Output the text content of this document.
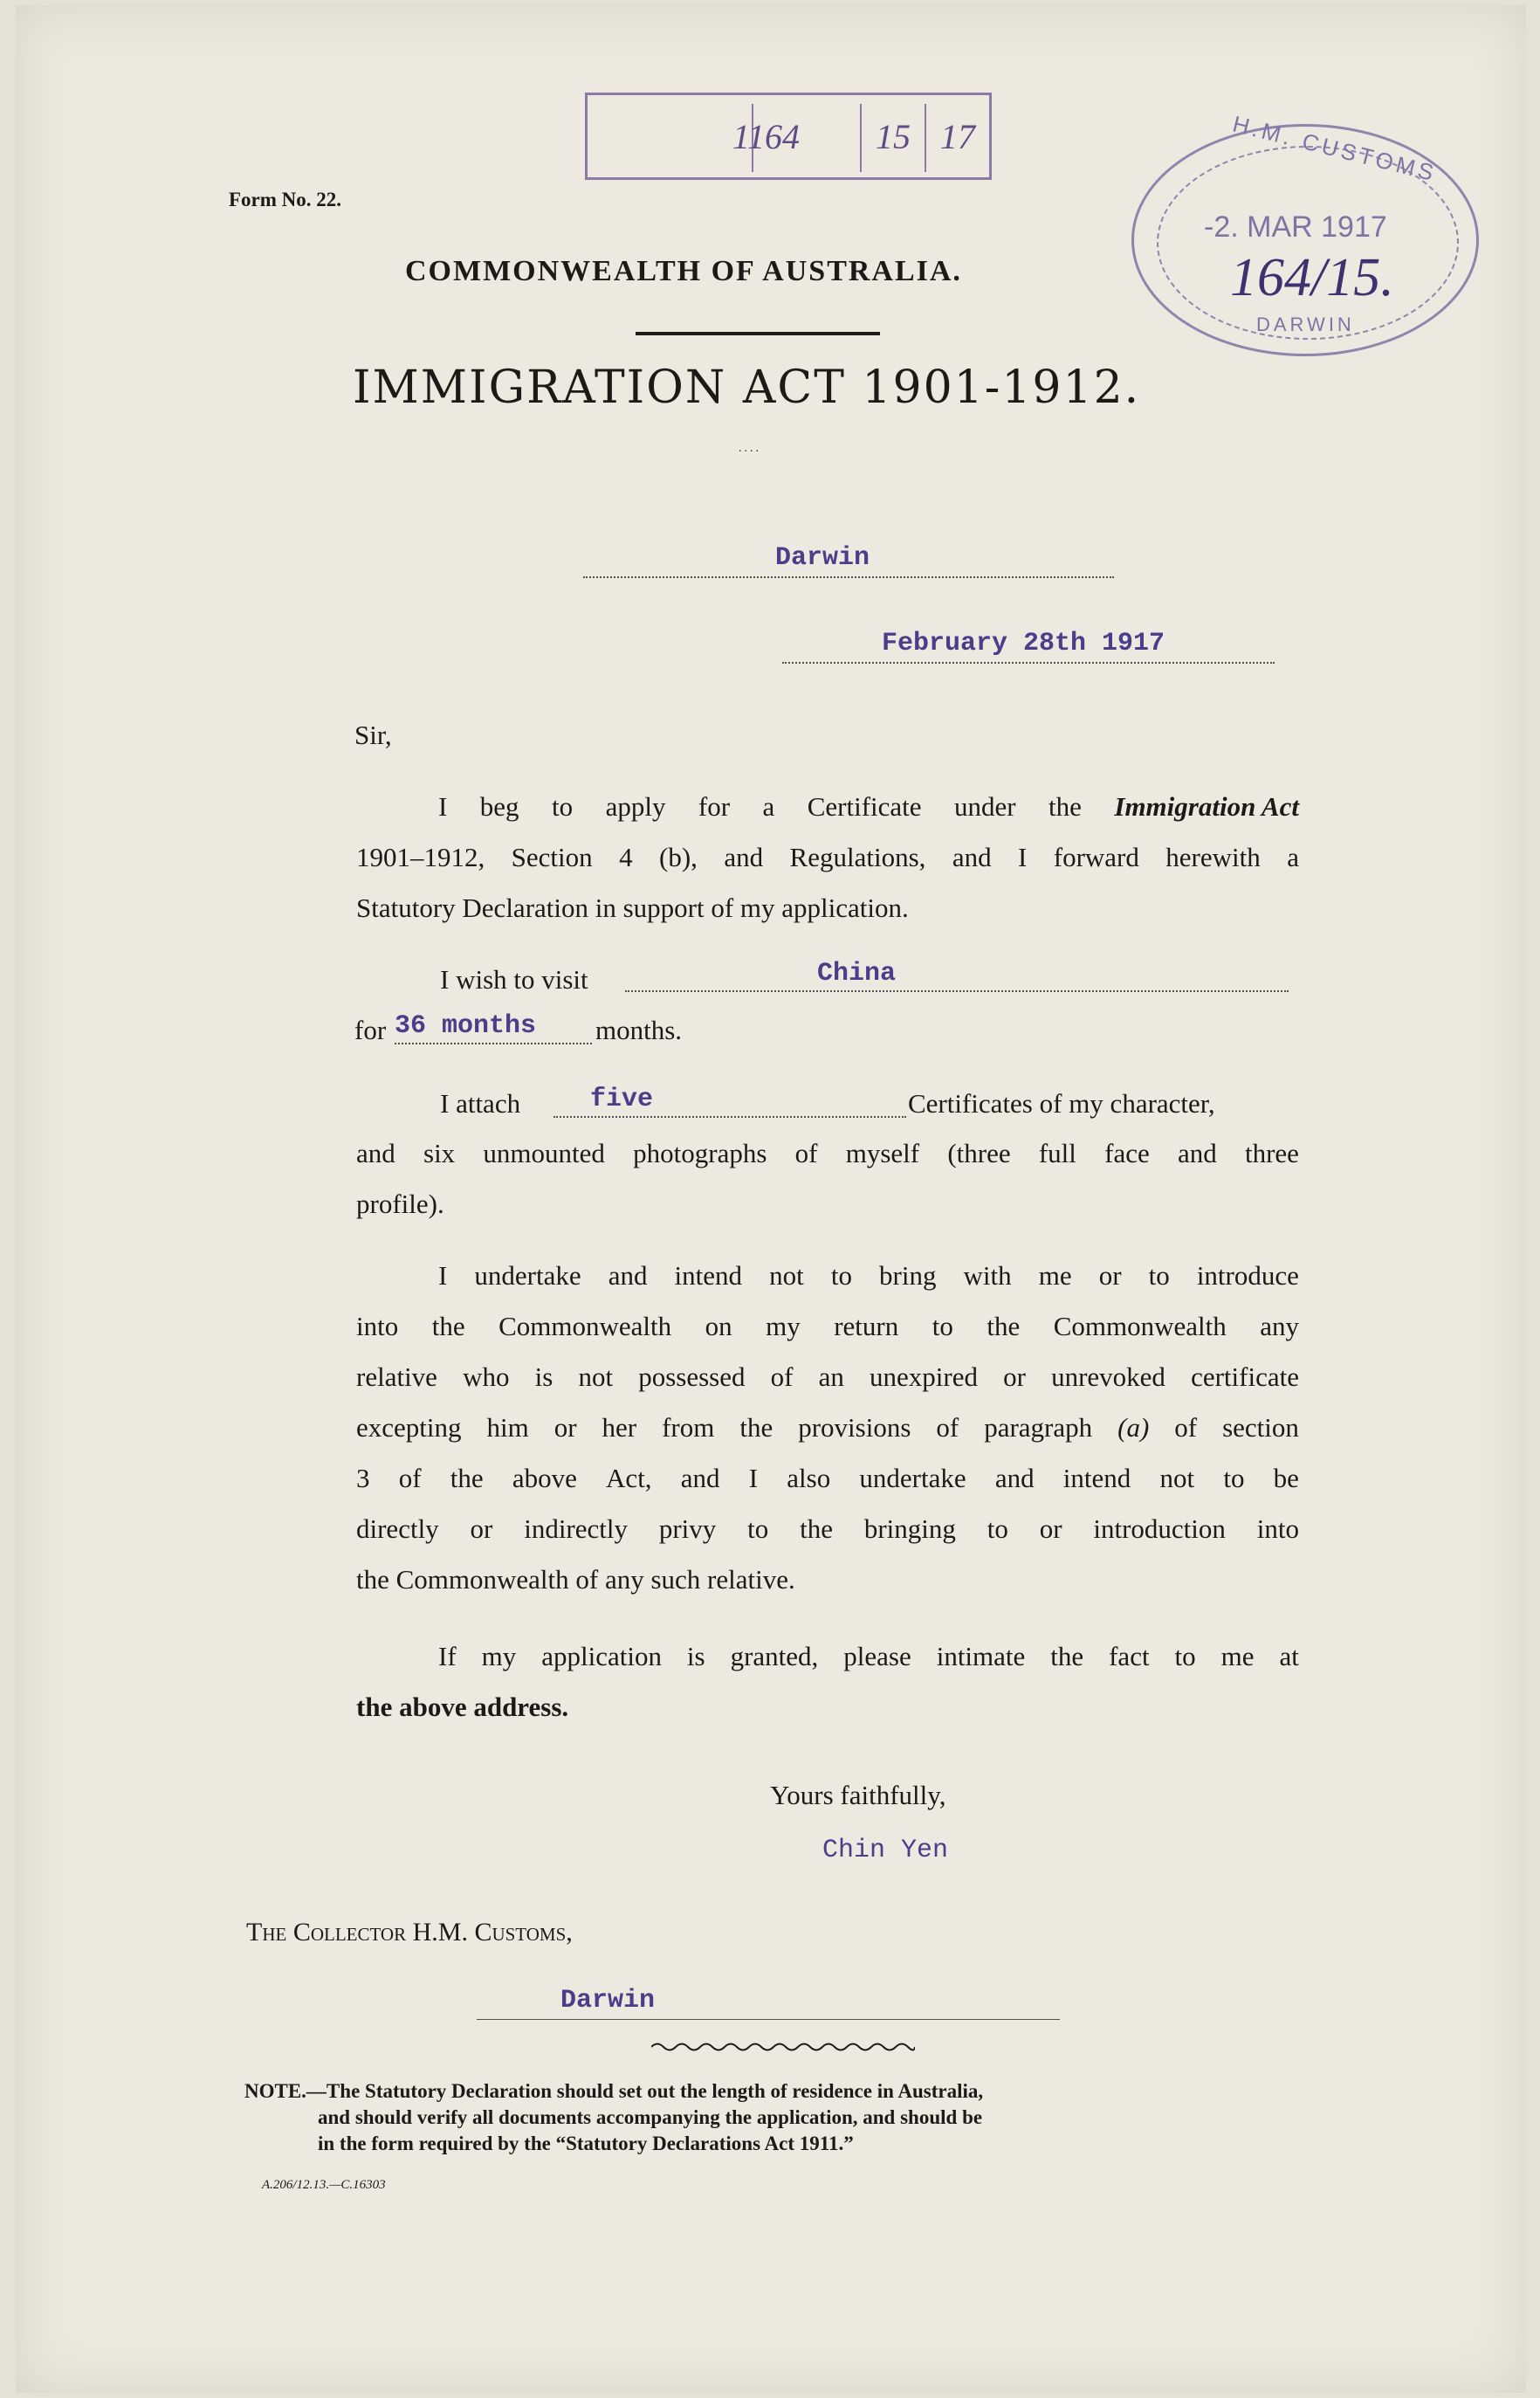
1164 15 17	H.M. CUSTOMS
-2. MAR 1917
164/15.
DARWIN
Form No. 22.
COMMONWEALTH OF AUSTRALIA.
IMMIGRATION ACT 1901-1912.
....
Darwin
February 28th 1917
Sir,
I beg to apply for a Certificate under the Immigration Act
1901–1912, Section 4 (b), and Regulations, and I forward herewith a
Statutory Declaration in support of my application.
I wish to visit	China
for 36 months months.
I attach	five	Certificates of my character,
and six unmounted photographs of myself (three full face and three
profile).
I undertake and intend not to bring with me or to introduce
into the Commonwealth on my return to the Commonwealth any
relative who is not possessed of an unexpired or unrevoked certificate
excepting him or her from the provisions of paragraph (a) of section
3 of the above Act, and I also undertake and intend not to be
directly or indirectly privy to the bringing to or introduction into
the Commonwealth of any such relative.
If my application is granted, please intimate the fact to me at
the above address.
Yours faithfully,
Chin Yen
The Collector H.M. Customs,
Darwin
NOTE.—The Statutory Declaration should set out the length of residence in Australia,
and should verify all documents accompanying the application, and should be
in the form required by the “Statutory Declarations Act 1911.”
A.206/12.13.—C.16303
